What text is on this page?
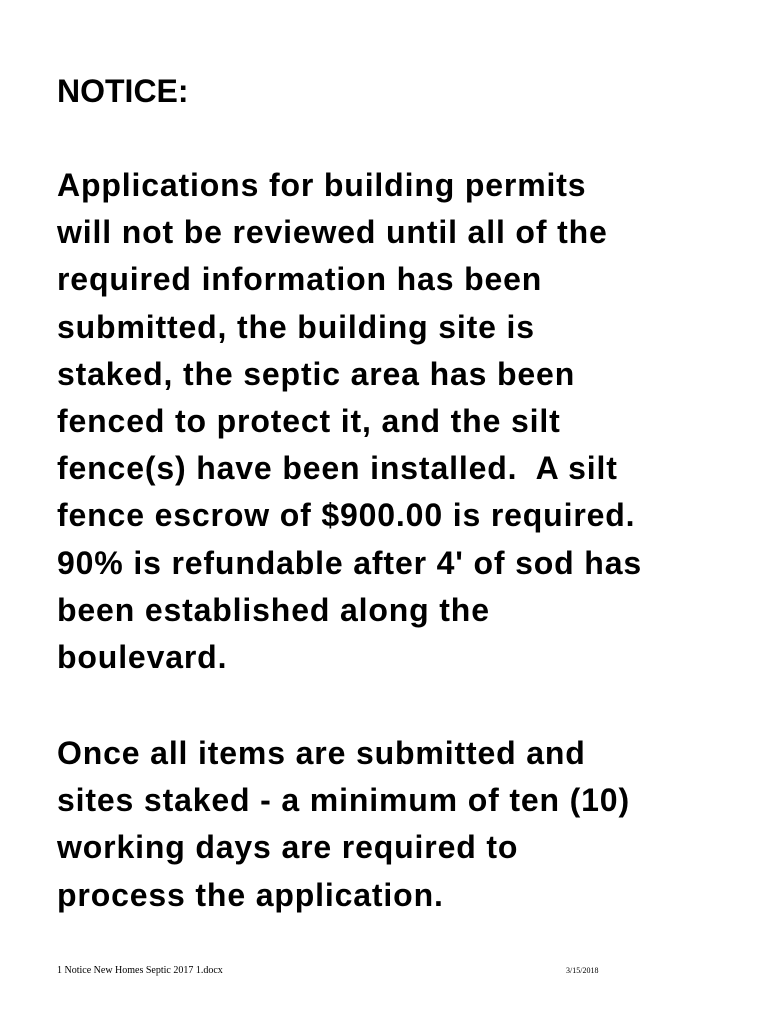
NOTICE:
Applications for building permits
will not be reviewed until all of the
required information has been
submitted, the building site is
staked, the septic area has been
fenced to protect it, and the silt
fence(s) have been installed.  A silt
fence escrow of $900.00 is required.
90% is refundable after 4' of sod has
been established along the
boulevard.
Once all items are submitted and
sites staked - a minimum of ten (10)
working days are required to
process the application.
1 Notice New Homes Septic 2017 1.docx	3/15/2018
